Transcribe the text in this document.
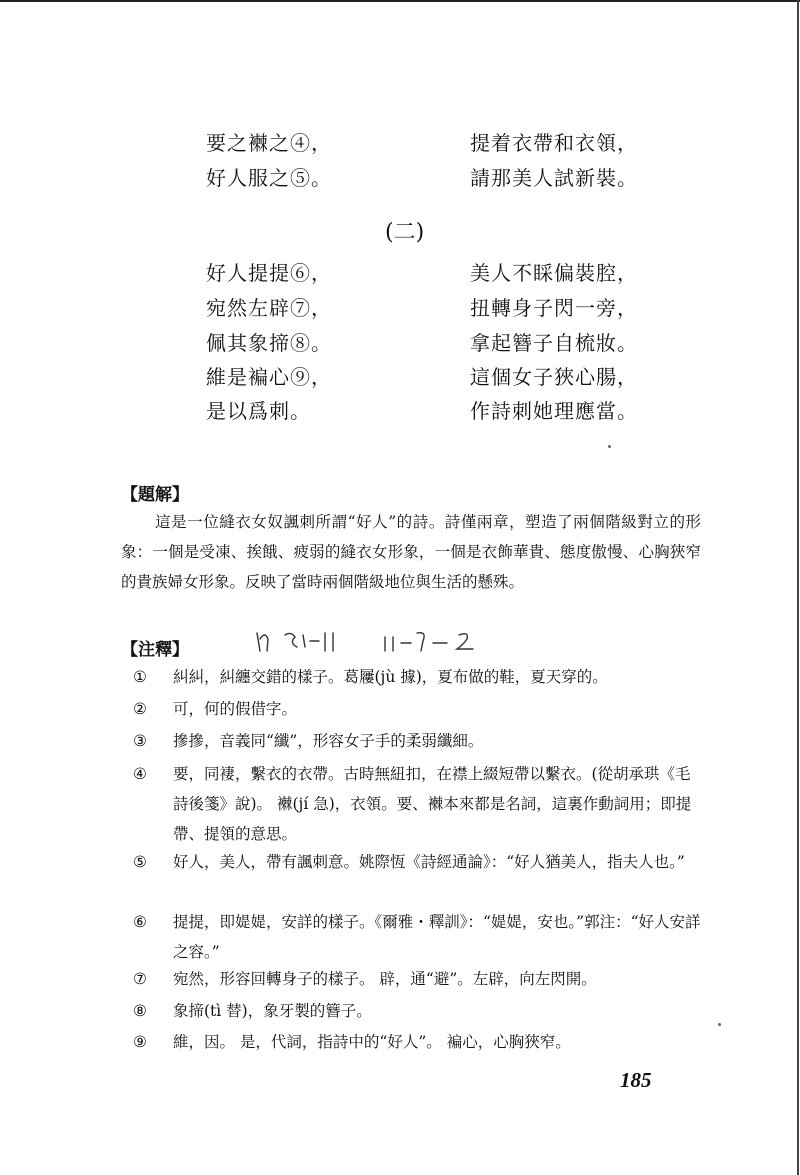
要之襋之④，	提着衣帶和衣領，
好人服之⑤。	請那美人試新裝。
(二)
好人提提⑥，	美人不睬偏裝腔，
宛然左辟⑦，	扭轉身子閃一旁，
佩其象揥⑧。	拿起簪子自梳妝。
維是褊心⑨，	這個女子狹心腸，
是以爲刺。	作詩刺她理應當。
【題解】
這是一位縫衣女奴諷刺所謂“好人”的詩。詩僅兩章，塑造了兩個階級對立的形象：一個是受凍、挨餓、疲弱的縫衣女形象，一個是衣飾華貴、態度傲慢、心胸狹窄的貴族婦女形象。反映了當時兩個階級地位與生活的懸殊。
【注釋】
①	糾糾，糾纏交錯的樣子。葛屨(jù 據)，夏布做的鞋，夏天穿的。
②	可，何的假借字。
③	摻摻，音義同“纖”，形容女子手的柔弱纖細。
④	要，同褄，繫衣的衣帶。古時無紐扣，在襟上綴短帶以繫衣。(從胡承珙《毛詩後箋》說)。 襋(jí 急)，衣領。要、襋本來都是名詞，這裏作動詞用；即提帶、提領的意思。
⑤	好人，美人，帶有諷刺意。姚際恆《詩經通論》：“好人猶美人，指夫人也。”
⑥	提提，即媞媞，安詳的樣子。《爾雅・釋訓》：“媞媞，安也。”郭注：“好人安詳之容。”
⑦	宛然，形容回轉身子的樣子。 辟，通“避”。左辟，向左閃開。
⑧	象揥(tì 替)，象牙製的簪子。
⑨	維，因。 是，代詞，指詩中的“好人”。 褊心，心胸狹窄。
185
